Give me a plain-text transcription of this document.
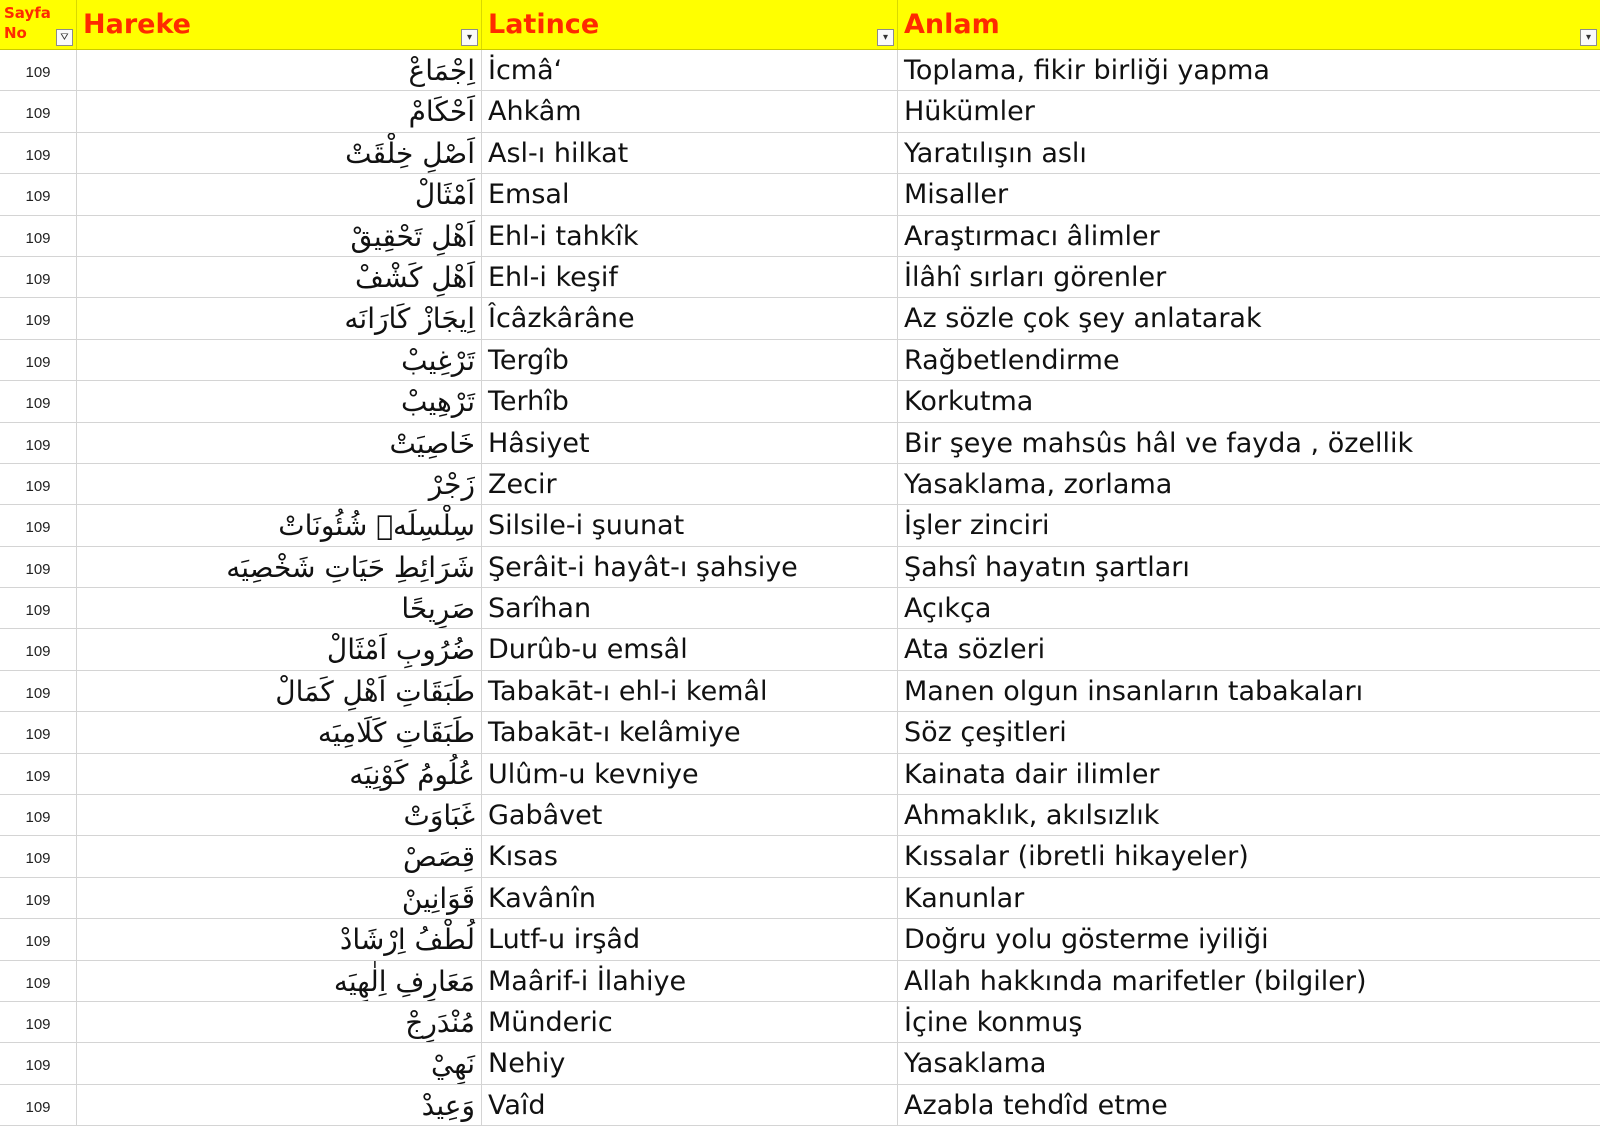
Sayfa No	⛛ Hareke	▾ Latince	▾ Anlam	▾
109	اِجْمَاعْ İcmâ‘	Toplama, fikir birliği yapma
109	اَحْكَامْ Ahkâm	Hükümler
109	اَصْلِ خِلْقَتْ Asl-ı hilkat	Yaratılışın aslı
109	اَمْثَالْ Emsal	Misaller
109	اَهْلِ تَحْقِيقْ Ehl-i tahkîk	Araştırmacı âlimler
109	اَهْلِ كَشْفْ Ehl-i keşif	İlâhî sırları görenler
109	اِيجَازْ كَارَانَه Îcâzkârâne	Az sözle çok şey anlatarak
109	تَرْغِيبْ Tergîb	Rağbetlendirme
109	تَرْهِيبْ Terhîb	Korkutma
109	خَاصِيَتْ Hâsiyet	Bir şeye mahsûs hâl ve fayda , özellik
109	زَجْرْ Zecir	Yasaklama, zorlama
109	سِلْسِلَهٖ شُئُونَاتْ Silsile-i şuunat	İşler zinciri
109	شَرَائِطِ حَيَاتِ شَخْصِيَه Şerâit-i hayât-ı şahsiye	Şahsî hayatın şartları
109	صَرِيحًا Sarîhan	Açıkça
109	ضُرُوبِ اَمْثَالْ Durûb-u emsâl	Ata sözleri
109	طَبَقَاتِ اَهْلِ كَمَالْ Tabakāt-ı ehl-i kemâl	Manen olgun insanların tabakaları
109	طَبَقَاتِ كَلَامِيَه Tabakāt-ı kelâmiye	Söz çeşitleri
109	عُلُومُ كَوْنِيَه Ulûm-u kevniye	Kainata dair ilimler
109	غَبَاوَتْ Gabâvet	Ahmaklık, akılsızlık
109	قِصَصْ Kısas	Kıssalar (ibretli hikayeler)
109	قَوَانِينْ Kavânîn	Kanunlar
109	لُطْفُ اِرْشَادْ Lutf-u irşâd	Doğru yolu gösterme iyiliği
109	مَعَارِفِ اِلٰهِيَه Maârif-i İlahiye	Allah hakkında marifetler (bilgiler)
109	مُنْدَرِجْ Münderic	İçine konmuş
109	نَهِيْ Nehiy	Yasaklama
109	وَعِيدْ Vaîd	Azabla tehdîd etme
